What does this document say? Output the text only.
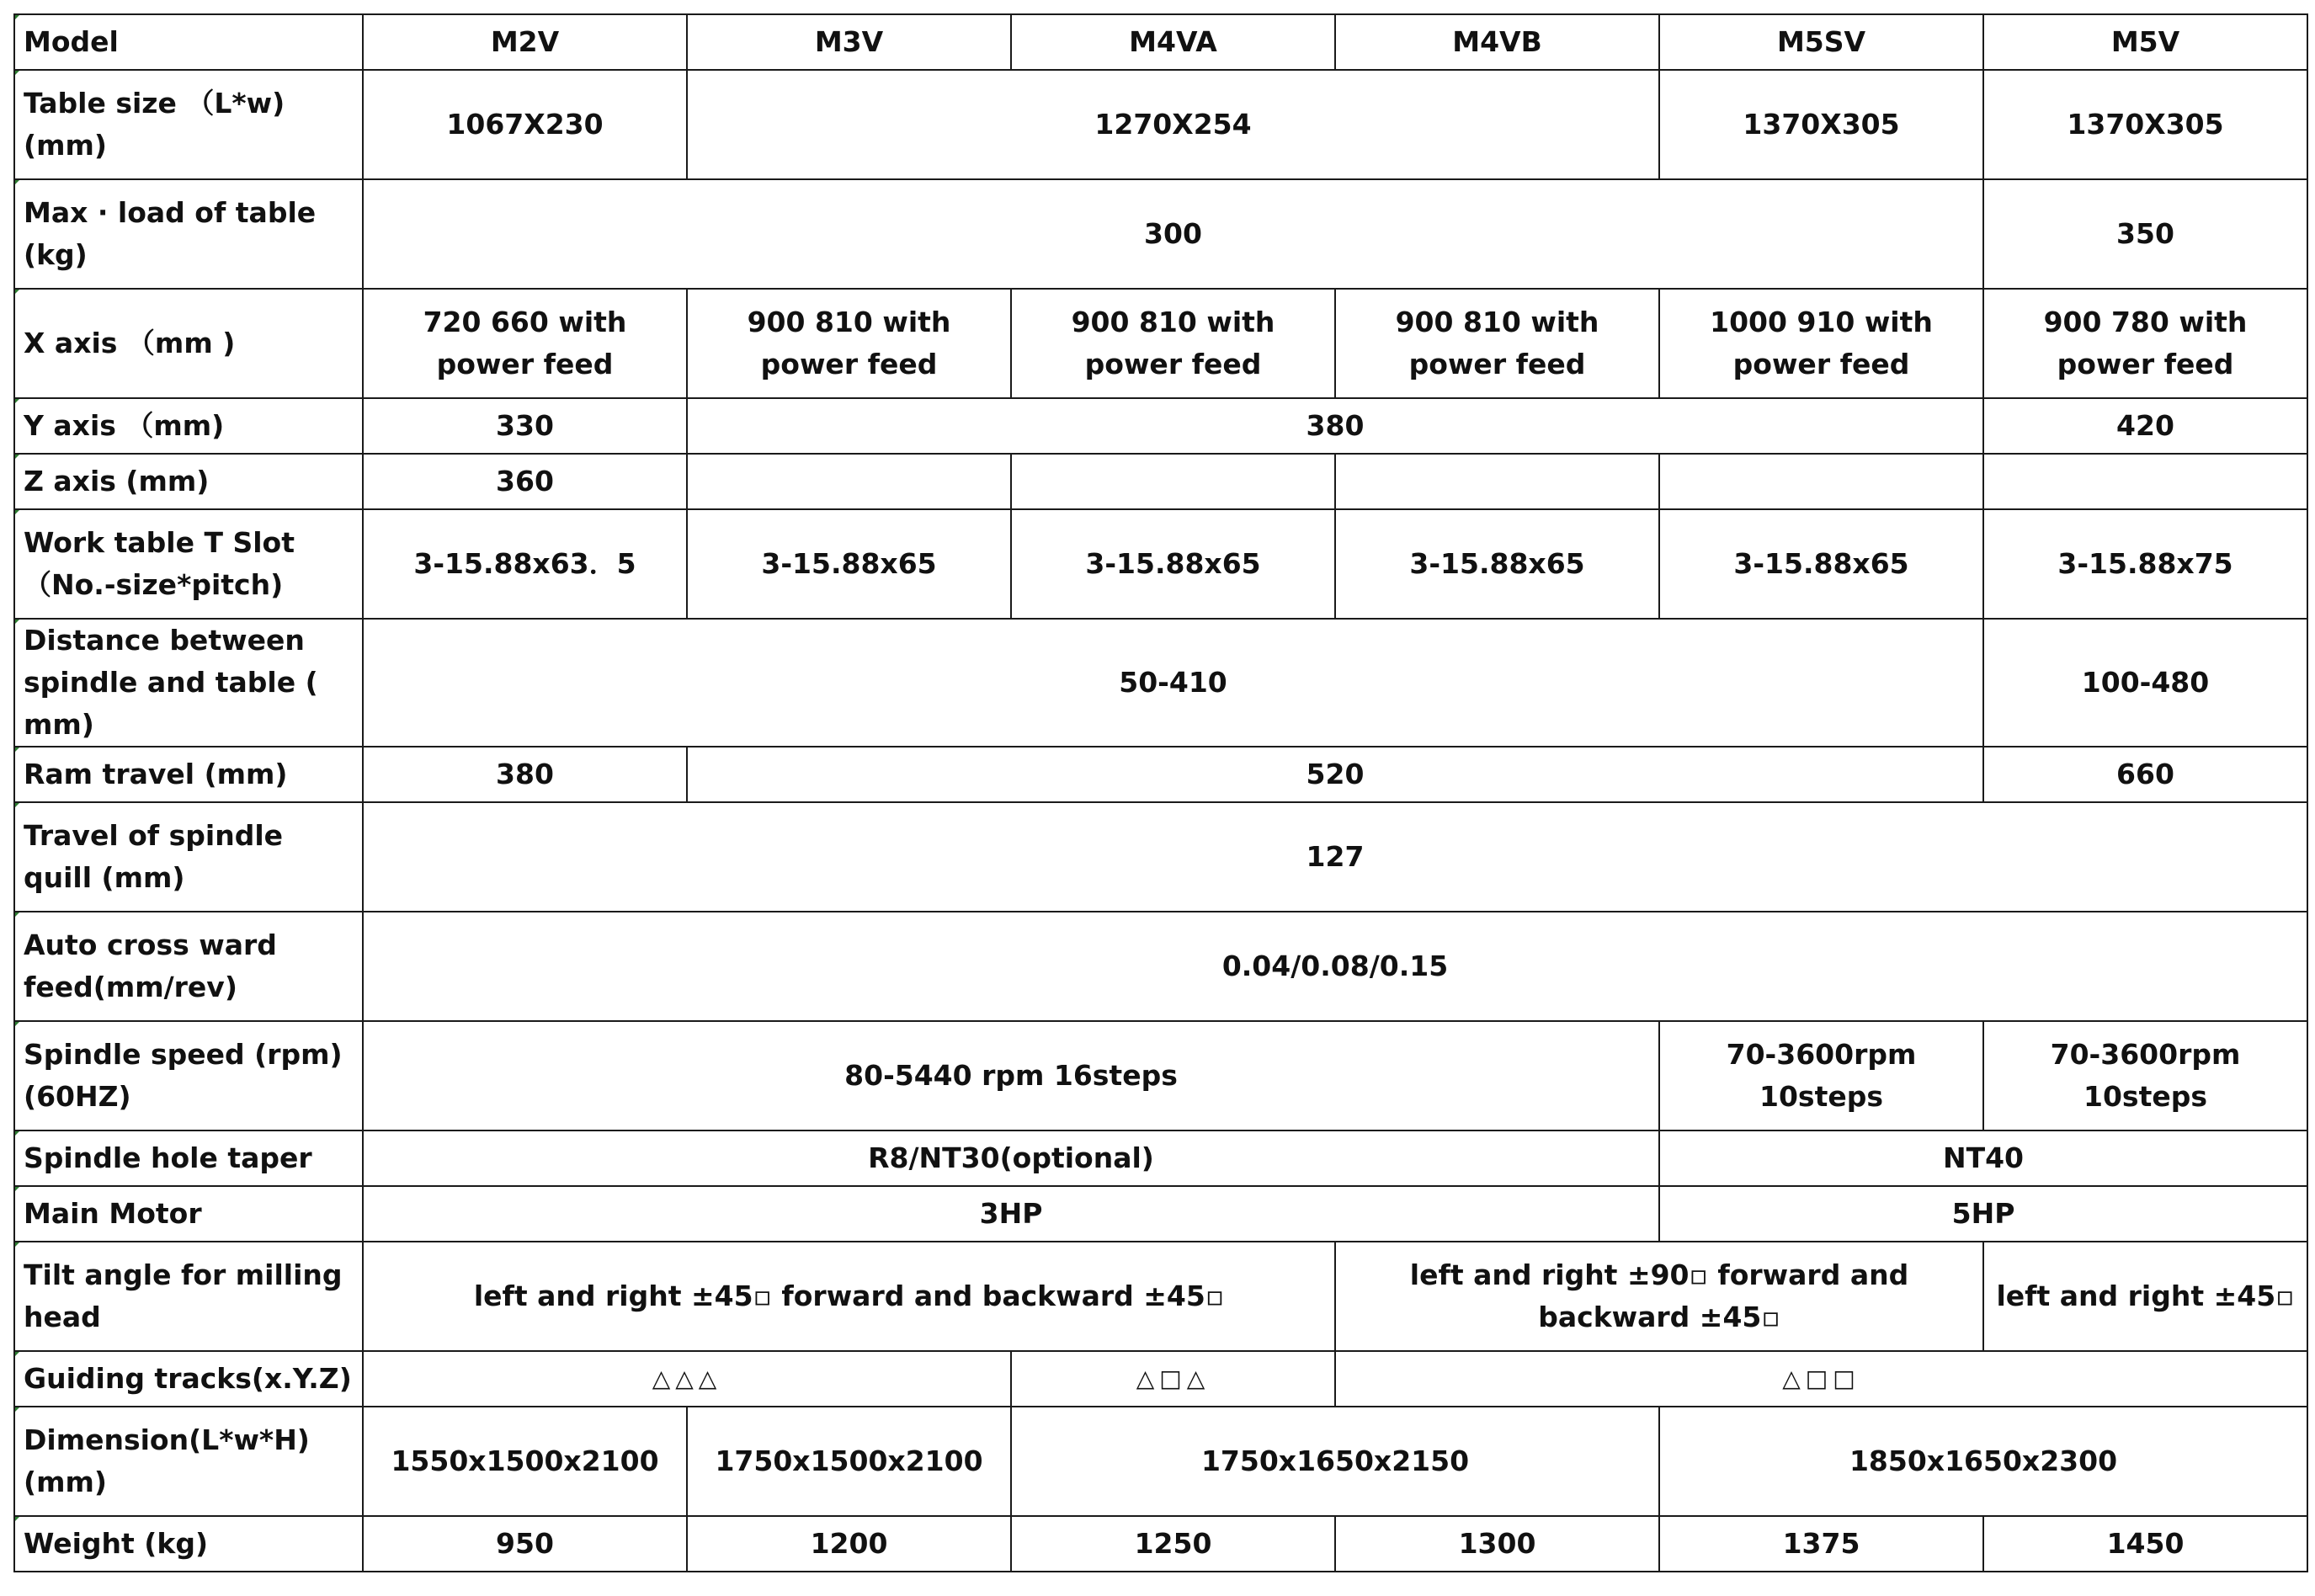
Model	M2V	M3V	M4VA	M4VB	M5SV	M5V
Table size （L*w) (mm)	1067X230	1270X254			1370X305	1370X305
Max · load of table (kg)	300					350
X axis （mm )	720 660 with power feed	900 810 with power feed	900 810 with power feed	900 810 with power feed	1000 910 with power feed	900 780 with power feed
Y axis （mm)	330	380				420
Z axis (mm)	360					
Work table T Slot （No.-size*pitch)	3-15.88x63．5	3-15.88x65	3-15.88x65	3-15.88x65	3-15.88x65	3-15.88x75
Distance between spindle and table ( mm)	50-410					100-480
Ram travel (mm)	380	520				660
Travel of spindle quill (mm)	127					
Auto cross ward feed(mm/rev)	0.04/0.08/0.15					
Spindle speed (rpm)(60HZ)	80-5440 rpm 16steps				70-3600rpm 10steps	70-3600rpm 10steps
Spindle hole taper	R8/NT30(optional)				NT40	
Main Motor	3HP				5HP	
Tilt angle for milling head	left and right ±45▫ forward and backward ±45▫			left and right ±90▫ forward and backward ±45▫		left and right ±45▫
Guiding tracks(x.Y.Z)	△△△		△□△	△□□		
Dimension(L*w*H) (mm)	1550x1500x2100	1750x1500x2100	1750x1650x2150		1850x1650x2300	
Weight (kg)	950	1200	1250	1300	1375	1450
